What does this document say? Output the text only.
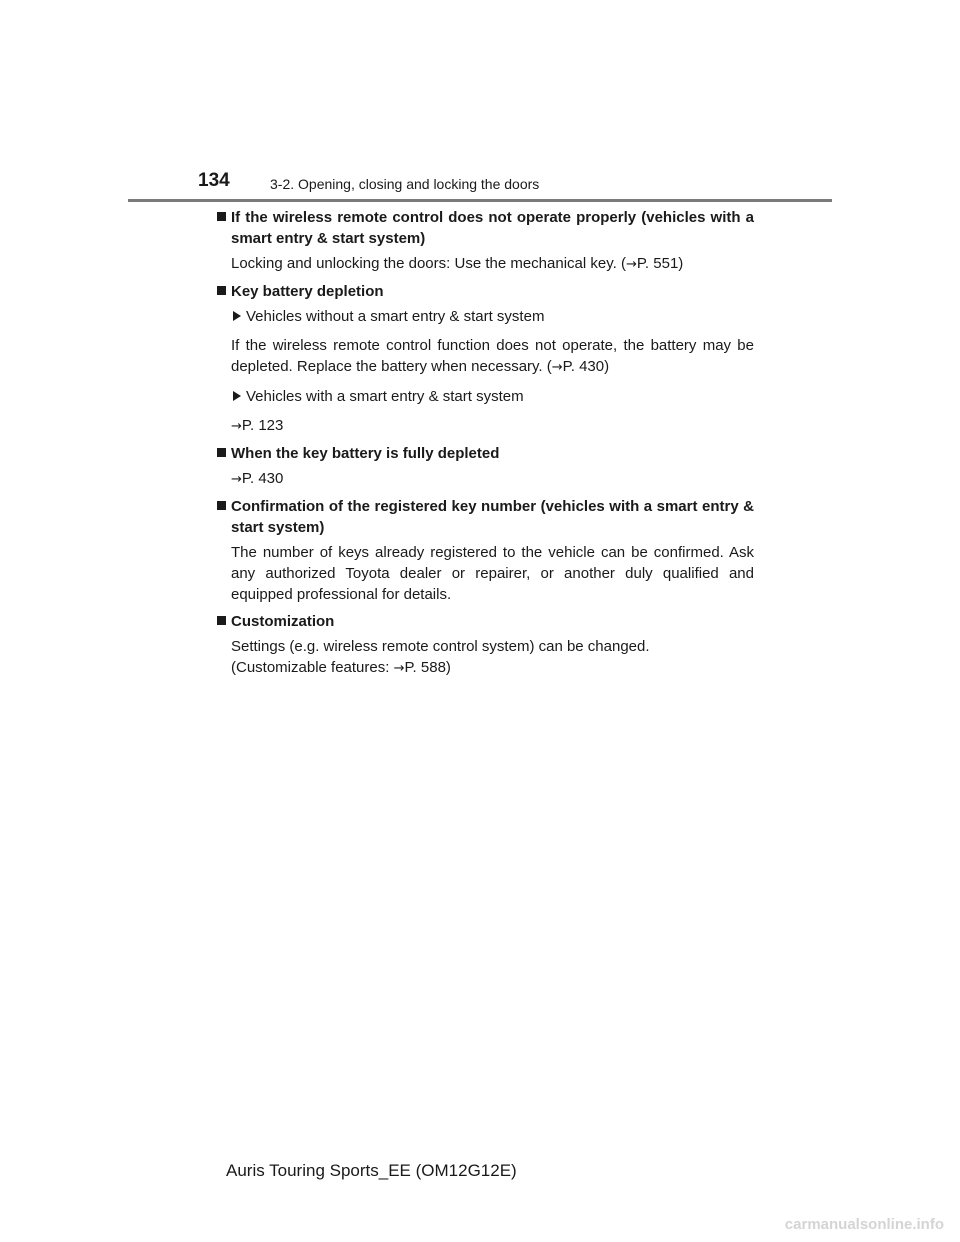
134	3-2. Opening, closing and locking the doors
If the wireless remote control does not operate properly (vehicles with a smart entry & start system)
Locking and unlocking the doors: Use the mechanical key. (→P. 551)
Key battery depletion
Vehicles without a smart entry & start system
If the wireless remote control function does not operate, the battery may be depleted. Replace the battery when necessary. (→P. 430)
Vehicles with a smart entry & start system
→P. 123
When the key battery is fully depleted
→P. 430
Confirmation of the registered key number (vehicles with a smart entry & start system)
The number of keys already registered to the vehicle can be confirmed. Ask any authorized Toyota dealer or repairer, or another duly qualified and equipped professional for details.
Customization
Settings (e.g. wireless remote control system) can be changed.
(Customizable features: →P. 588)
Auris Touring Sports_EE (OM12G12E)
carmanualsonline.info
